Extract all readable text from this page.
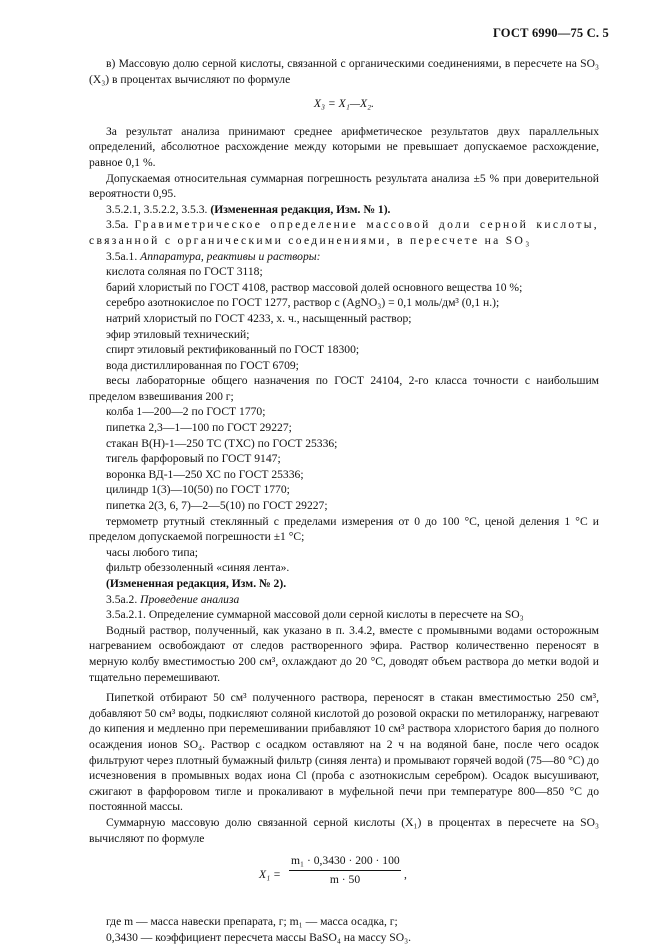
ГОСТ 6990—75 С. 5

в) Массовую долю серной кислоты, связанной с органическими соединениями, в пересчете на SO₃ (X₃) в процентах вычисляют по формуле

X₃ = X₁—X₂.

За результат анализа принимают среднее арифметическое результатов двух параллельных определений, абсолютное расхождение между которыми не превышает допускаемое расхождение, равное 0,1 %.

Допускаемая относительная суммарная погрешность результата анализа ±5 % при доверительной вероятности 0,95.

3.5.2.1, 3.5.2.2, 3.5.3. (Измененная редакция, Изм. № 1).

3.5а. Гравиметрическое определение массовой доли серной кислоты, связанной с органическими соединениями, в пересчете на SO₃

3.5а.1. Аппаратура, реактивы и растворы:

кислота соляная по ГОСТ 3118;

барий хлористый по ГОСТ 4108, раствор массовой долей основного вещества 10 %;

серебро азотнокислое по ГОСТ 1277, раствор с (AgNO₃) = 0,1 моль/дм³ (0,1 н.);

натрий хлористый по ГОСТ 4233, х. ч., насыщенный раствор;

эфир этиловый технический;

спирт этиловый ректификованный по ГОСТ 18300;

вода дистиллированная по ГОСТ 6709;

весы лабораторные общего назначения по ГОСТ 24104, 2-го класса точности с наибольшим пределом взвешивания 200 г;

колба 1—200—2 по ГОСТ 1770;

пипетка 2,3—1—100 по ГОСТ 29227;

стакан В(Н)-1—250 ТС (ТХС) по ГОСТ 25336;

тигель фарфоровый по ГОСТ 9147;

воронка ВД-1—250 ХС по ГОСТ 25336;

цилиндр 1(3)—10(50) по ГОСТ 1770;

пипетка 2(3, 6, 7)—2—5(10) по ГОСТ 29227;

термометр ртутный стеклянный с пределами измерения от 0 до 100 °С, ценой деления 1 °С и пределом допускаемой погрешности ±1 °С;

часы любого типа;

фильтр обеззоленный «синяя лента».

(Измененная редакция, Изм. № 2).

3.5а.2. Проведение анализа

3.5а.2.1. Определение суммарной массовой доли серной кислоты в пересчете на SO₃

Водный раствор, полученный, как указано в п. 3.4.2, вместе с промывными водами осторожным нагреванием освобождают от следов растворенного эфира. Раствор количественно переносят в мерную колбу вместимостью 200 см³, охлаждают до 20 °С, доводят объем раствора до метки водой и тщательно перемешивают.

Пипеткой отбирают 50 см³ полученного раствора, переносят в стакан вместимостью 250 см³, добавляют 50 см³ воды, подкисляют соляной кислотой до розовой окраски по метилоранжу, нагревают до кипения и медленно при перемешивании прибавляют 10 см³ раствора хлористого бария до полного осаждения ионов SO₄. Раствор с осадком оставляют на 2 ч на водяной бане, после чего осадок фильтруют через плотный бумажный фильтр (синяя лента) и промывают горячей водой (75—80 °С) до исчезновения в промывных водах иона Cl (проба с азотнокислым серебром). Осадок высушивают, сжигают в фарфоровом тигле и прокаливают в муфельной печи при температуре 800—850 °С до постоянной массы.

Суммарную массовую долю связанной серной кислоты (X₁) в процентах в пересчете на SO₃ вычисляют по формуле

$X_1 = \frac{\text{m₁ · 0,3430 · 200 · 100}}{m \cdot 50}$ ,

где m — масса навески препарата, г; m₁ — масса осадка, г;

0,3430 — коэффициент пересчета массы BaSO₄ на массу SO₃.
